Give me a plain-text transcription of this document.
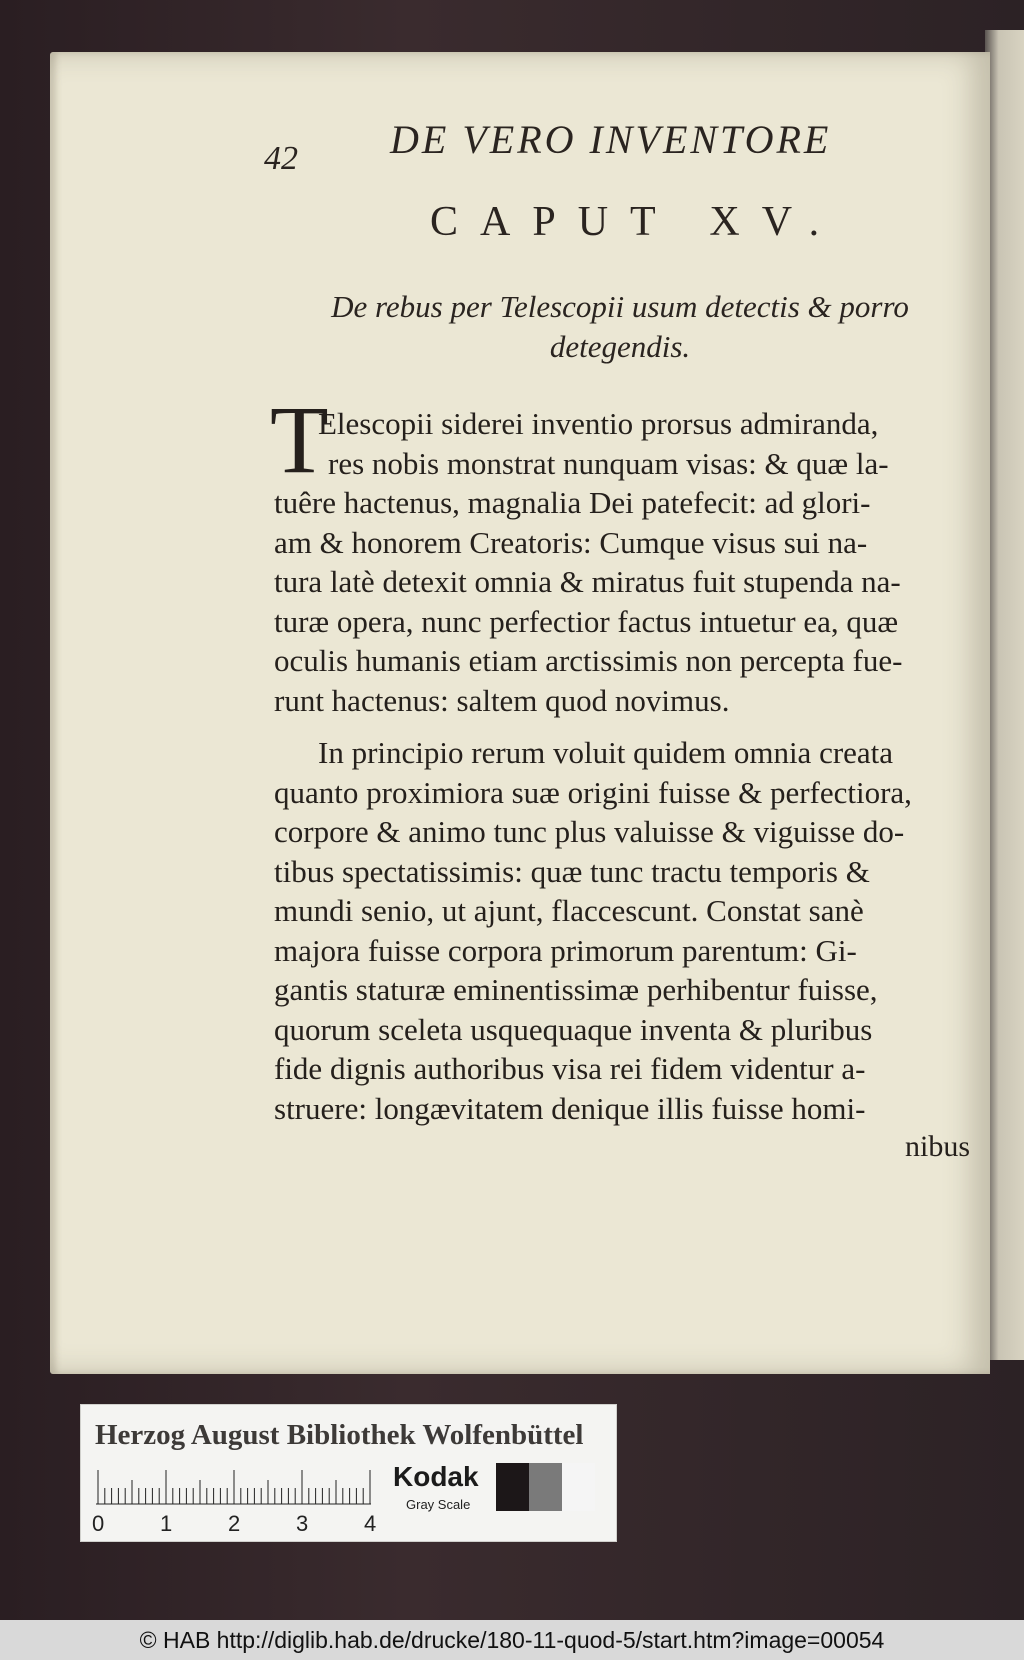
42 DE VERO INVENTORE
CAPUT XV.
De rebus per Telescopii usum detectis & porro
detegendis.
T
Elescopii siderei inventio prorsus admiranda,
res nobis monstrat nunquam visas: & quæ la-
tuêre hactenus, magnalia Dei patefecit: ad glori-
am & honorem Creatoris: Cumque visus sui na-
tura latè detexit omnia & miratus fuit stupenda na-
turæ opera, nunc perfectior factus intuetur ea, quæ
oculis humanis etiam arctissimis non percepta fue-
runt hactenus: saltem quod novimus.
In principio rerum voluit quidem omnia creata
quanto proximiora suæ origini fuisse & perfectiora,
corpore & animo tunc plus valuisse & viguisse do-
tibus spectatissimis: quæ tunc tractu temporis &
mundi senio, ut ajunt, flaccescunt. Constat sanè
majora fuisse corpora primorum parentum: Gi-
gantis staturæ eminentissimæ perhibentur fuisse,
quorum sceleta usquequaque inventa & pluribus
fide dignis authoribus visa rei fidem videntur a-
struere: longævitatem denique illis fuisse homi-
nibus
Herzog August Bibliothek Wolfenbüttel
0	1	2	3	4
Kodak
Gray Scale
© HAB http://diglib.hab.de/drucke/180-11-quod-5/start.htm?image=00054
